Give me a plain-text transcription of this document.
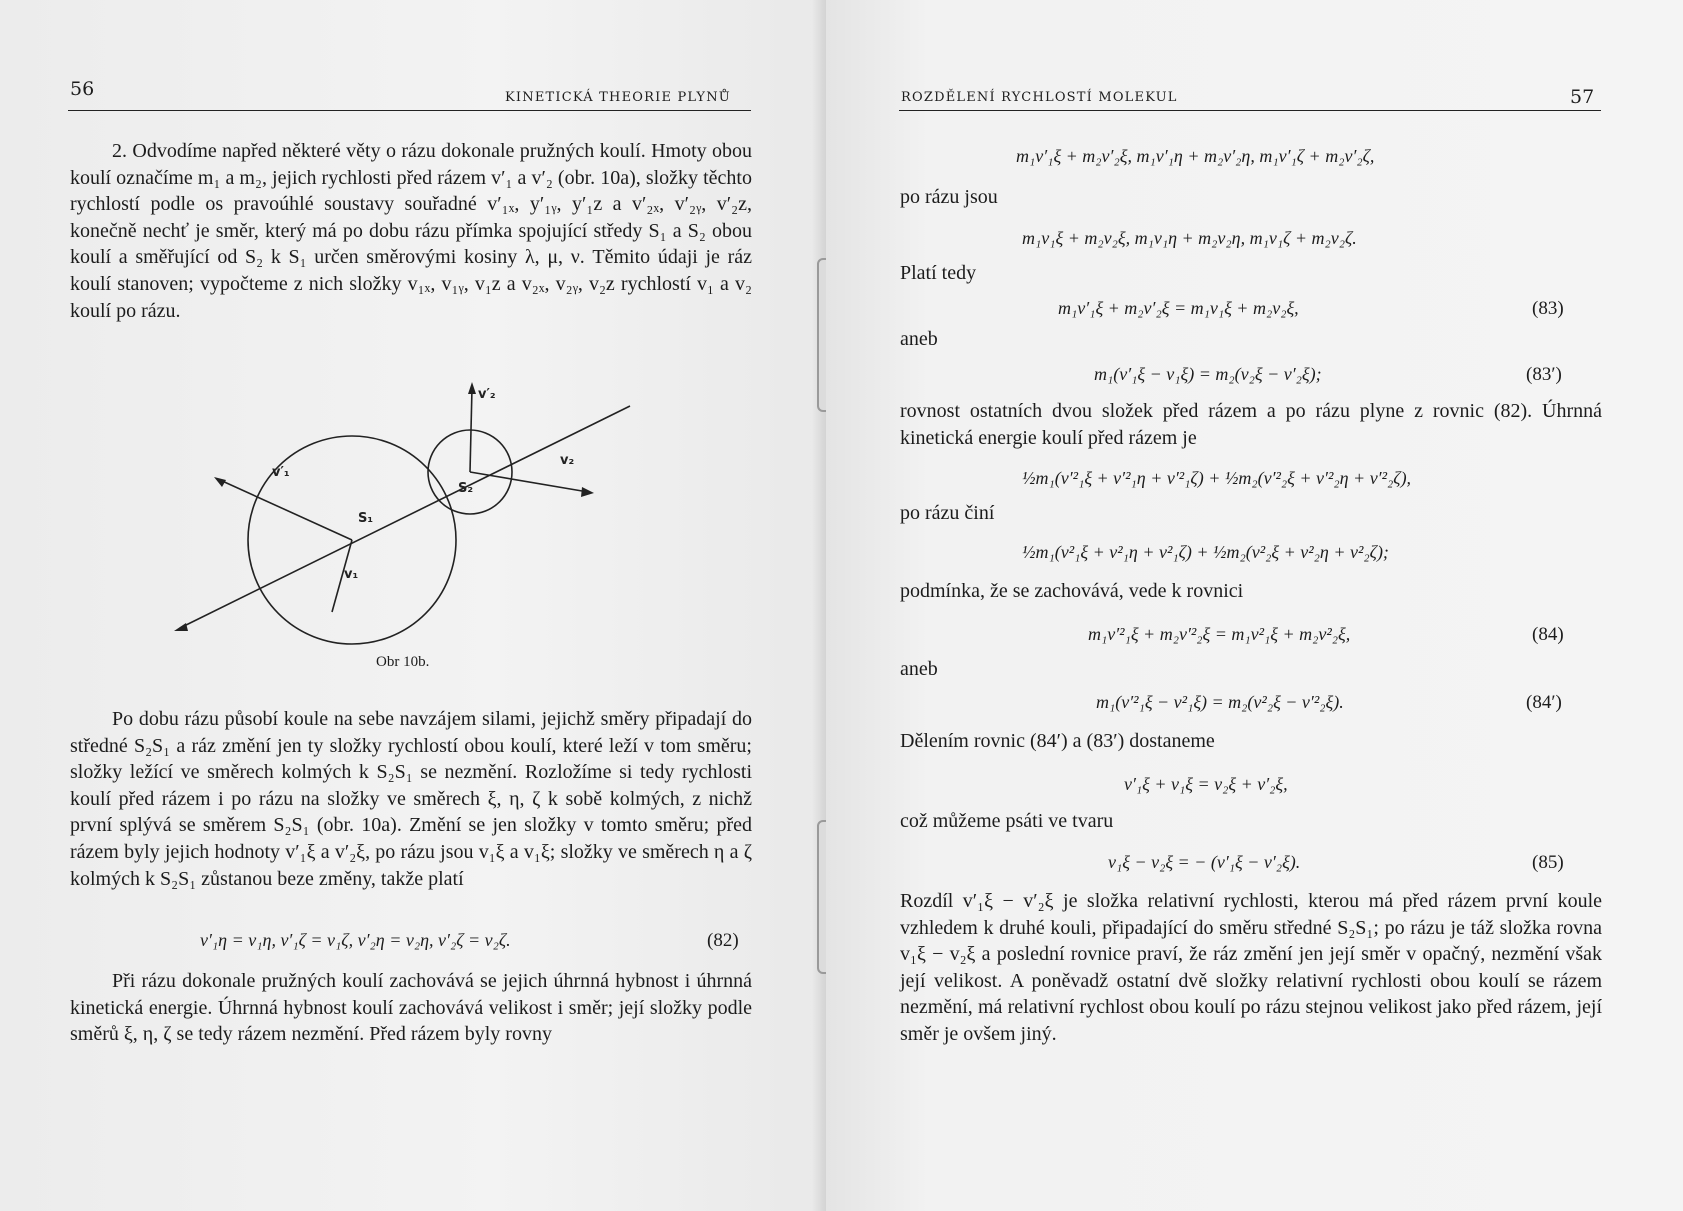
56	KINETICKÁ THEORIE PLYNŮ
2. Odvodíme napřed některé věty o rázu dokonale pružných koulí. Hmoty obou koulí označíme m₁ a m₂, jejich rychlosti před rázem v′₁ a v′₂ (obr. 10a), složky těchto rychlostí podle os pravoúhlé soustavy souřadné v′₁ₓ, y′₁ᵧ, y′₁z a v′₂ₓ, v′₂ᵧ, v′₂z, konečně nechť je směr, který má po dobu rázu přímka spojující středy S₁ a S₂ obou koulí a směřující od S₂ k S₁ určen směrovými kosiny λ, μ, ν. Těmito údaji je ráz koulí stanoven; vypočteme z nich složky v₁ₓ, v₁ᵧ, v₁z a v₂ₓ, v₂ᵧ, v₂z rychlostí v₁ a v₂ koulí po rázu.
v′₂
v′₁
S₂
v₂
S₁
v₁
Obr 10b.
Po dobu rázu působí koule na sebe navzájem silami, jejichž směry připadají do středné S₂S₁ a ráz změní jen ty složky rychlostí obou koulí, které leží v tom směru; složky ležící ve směrech kolmých k S₂S₁ se nezmění. Rozložíme si tedy rychlosti koulí před rázem i po rázu na složky ve směrech ξ, η, ζ k sobě kolmých, z nichž první splývá se směrem S₂S₁ (obr. 10a). Změní se jen složky v tomto směru; před rázem byly jejich hodnoty v′₁ξ a v′₂ξ, po rázu jsou v₁ξ a v₁ξ; složky ve směrech η a ζ kolmých k S₂S₁ zůstanou beze změny, takže platí
v′₁η = v₁η, v′₁ζ = v₁ζ, v′₂η = v₂η, v′₂ζ = v₂ζ.	(82)
Při rázu dokonale pružných koulí zachovává se jejich úhrnná hybnost i úhrnná kinetická energie. Úhrnná hybnost koulí zachovává velikost i směr; její složky podle směrů ξ, η, ζ se tedy rázem nezmění. Před rázem byly rovny
ROZDĚLENÍ RYCHLOSTÍ MOLEKUL	57
m₁v′₁ξ + m₂v′₂ξ, m₁v′₁η + m₂v′₂η, m₁v′₁ζ + m₂v′₂ζ,
po rázu jsou
m₁v₁ξ + m₂v₂ξ, m₁v₁η + m₂v₂η, m₁v₁ζ + m₂v₂ζ.
Platí tedy
m₁v′₁ξ + m₂v′₂ξ = m₁v₁ξ + m₂v₂ξ,	(83)
aneb
m₁(v′₁ξ − v₁ξ) = m₂(v₂ξ − v′₂ξ);	(83′)
rovnost ostatních dvou složek před rázem a po rázu plyne z rovnic (82). Úhrnná kinetická energie koulí před rázem je
½m₁(v′²₁ξ + v′²₁η + v′²₁ζ) + ½m₂(v′²₂ξ + v′²₂η + v′²₂ζ),
po rázu činí
½m₁(v²₁ξ + v²₁η + v²₁ζ) + ½m₂(v²₂ξ + v²₂η + v²₂ζ);
podmínka, že se zachovává, vede k rovnici
m₁v′²₁ξ + m₂v′²₂ξ = m₁v²₁ξ + m₂v²₂ξ,	(84)
aneb
m₁(v′²₁ξ − v²₁ξ) = m₂(v²₂ξ − v′²₂ξ).	(84′)
Dělením rovnic (84′) a (83′) dostaneme
v′₁ξ + v₁ξ = v₂ξ + v′₂ξ,
což můžeme psáti ve tvaru
v₁ξ − v₂ξ = − (v′₁ξ − v′₂ξ).	(85)
Rozdíl v′₁ξ − v′₂ξ je složka relativní rychlosti, kterou má před rázem první koule vzhledem k druhé kouli, připadající do směru středné S₂S₁; po rázu je táž složka rovna v₁ξ − v₂ξ a poslední rovnice praví, že ráz změní jen její směr v opačný, nezmění však její velikost. A poněvadž ostatní dvě složky relativní rychlosti obou koulí se rázem nezmění, má relativní rychlost obou koulí po rázu stejnou velikost jako před rázem, její směr je ovšem jiný.
